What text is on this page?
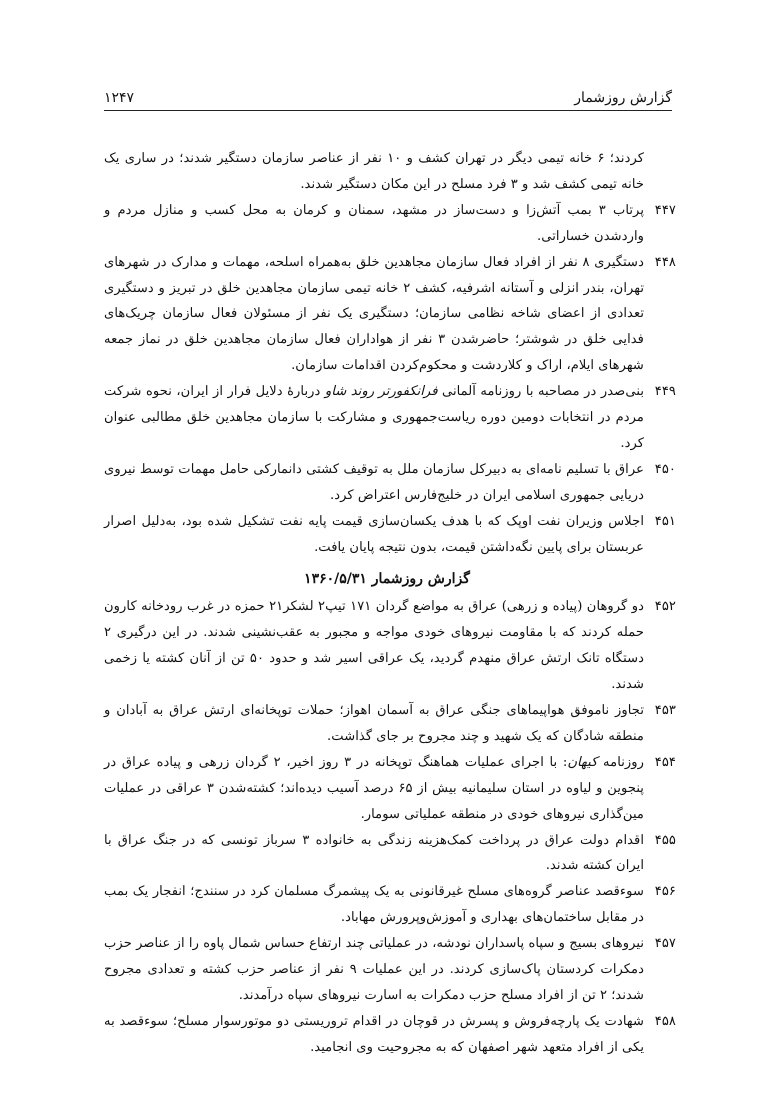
گزارش روزشمار
۱۲۴۷
کردند؛ ۶ خانه تیمی دیگر در تهران کشف و ۱۰ نفر از عناصر سازمان دستگیر شدند؛ در ساری یک خانه تیمی کشف شد و ۳ فرد مسلح در این مکان دستگیر شدند.
۴۴۷
پرتاب ۳ بمب آتش‌زا و دست‌ساز در مشهد، سمنان و کرمان به محل کسب و منازل مردم و واردشدن خساراتی.
۴۴۸
دستگیری ۸ نفر از افراد فعال سازمان مجاهدین خلق به‌همراه اسلحه، مهمات و مدارک در شهرهای تهران، بندر انزلی و آستانه اشرفیه، کشف ۲ خانه تیمی سازمان مجاهدین خلق در تبریز و دستگیری تعدادی از اعضای شاخه نظامی سازمان؛ دستگیری یک نفر از مسئولان فعال سازمان چریک‌های فدایی خلق در شوشتر؛ حاضرشدن ۳ نفر از هواداران فعال سازمان مجاهدین خلق در نماز جمعه شهرهای ایلام، اراک و کلاردشت و محکوم‌کردن اقدامات سازمان.
۴۴۹
بنی‌صدر در مصاحبه با روزنامه آلمانی فرانکفورتر روند شاو دربارهٔ دلایل فرار از ایران، نحوه شرکت مردم در انتخابات دومین دوره ریاست‌جمهوری و مشارکت با سازمان مجاهدین خلق مطالبی عنوان کرد.
۴۵۰
عراق با تسلیم نامه‌ای به دبیرکل سازمان ملل به توقیف کشتی دانمارکی حامل مهمات توسط نیروی دریایی جمهوری اسلامی ایران در خلیج‌فارس اعتراض کرد.
۴۵۱
اجلاس وزیران نفت اوپک که با هدف یکسان‌سازی قیمت پایه نفت تشکیل شده بود، به‌دلیل اصرار عربستان برای پایین نگه‌داشتن قیمت، بدون نتیجه پایان یافت.
گزارش روزشمار ۱۳۶۰/۵/۳۱
۴۵۲
دو گروهان (پیاده و زرهی) عراق به مواضع گردان ۱۷۱ تیپ۲ لشکر۲۱ حمزه در غرب رودخانه کارون حمله کردند که با مقاومت نیروهای خودی مواجه و مجبور به عقب‌نشینی شدند. در این درگیری ۲ دستگاه تانک ارتش عراق منهدم گردید، یک عراقی اسیر شد و حدود ۵۰ تن از آنان کشته یا زخمی شدند.
۴۵۳
تجاوز ناموفق هواپیماهای جنگی عراق به آسمان اهواز؛ حملات توپخانه‌ای ارتش عراق به آبادان و منطقه شادگان که یک شهید و چند مجروح بر جای گذاشت.
۴۵۴
روزنامه کیهان: با اجرای عملیات هماهنگ توپخانه در ۳ روز اخیر، ۲ گردان زرهی و پیاده عراق در پنجوین و لیاوه در استان سلیمانیه بیش از ۶۵ درصد آسیب دیده‌اند؛ کشته‌شدن ۳ عراقی در عملیات مین‌گذاری نیروهای خودی در منطقه عملیاتی سومار.
۴۵۵
اقدام دولت عراق در پرداخت کمک‌هزینه زندگی به خانواده ۳ سرباز تونسی که در جنگ عراق با ایران کشته شدند.
۴۵۶
سوءقصد عناصر گروه‌های مسلح غیرقانونی به یک پیشمرگ مسلمان کرد در سنندج؛ انفجار یک بمب در مقابل ساختمان‌های بهداری و آموزش‌وپرورش مهاباد.
۴۵۷
نیروهای بسیج و سپاه پاسداران نودشه، در عملیاتی چند ارتفاع حساس شمال پاوه را از عناصر حزب دمکرات کردستان پاک‌سازی کردند. در این عملیات ۹ نفر از عناصر حزب کشته و تعدادی مجروح شدند؛ ۲ تن از افراد مسلح حزب دمکرات به اسارت نیروهای سپاه درآمدند.
۴۵۸
شهادت یک پارچه‌فروش و پسرش در قوچان در اقدام تروریستی دو موتورسوار مسلح؛ سوءقصد به یکی از افراد متعهد شهر اصفهان که به مجروحیت وی انجامید.
